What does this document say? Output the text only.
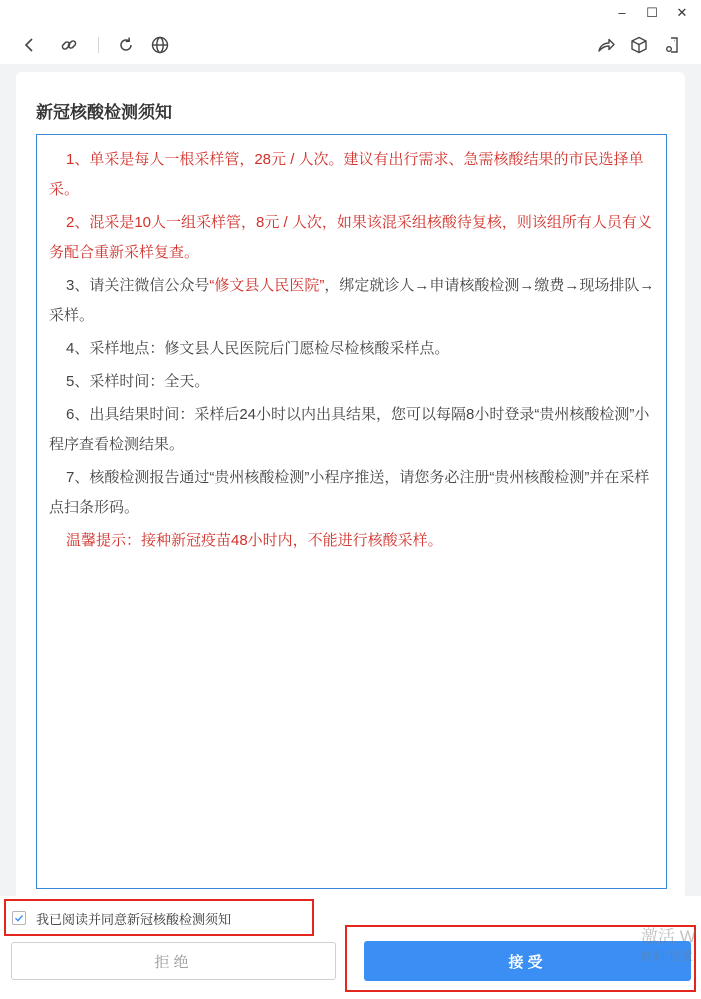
–	☐	✕
新冠核酸检测须知

1、单采是每人一根采样管，28元 / 人次。建议有出行需求、急需核酸结果的市民选择单采。

2、混采是10人一组采样管，8元 / 人次，如果该混采组核酸待复核，则该组所有人员有义务配合重新采样复查。

3、请关注微信公众号“修文县人民医院”，绑定就诊人→申请核酸检测→缴费→现场排队→采样。

4、采样地点：修文县人民医院后门愿检尽检核酸采样点。

5、采样时间：全天。

6、出具结果时间：采样后24小时以内出具结果，您可以每隔8小时登录“贵州核酸检测”小程序查看检测结果。

7、核酸检测报告通过“贵州核酸检测”小程序推送，请您务必注册“贵州核酸检测”并在采样点扫条形码。

温馨提示：接种新冠疫苗48小时内，不能进行核酸采样。

我已阅读并同意新冠核酸检测须知
拒绝	接受
激活 W
转到“设置
